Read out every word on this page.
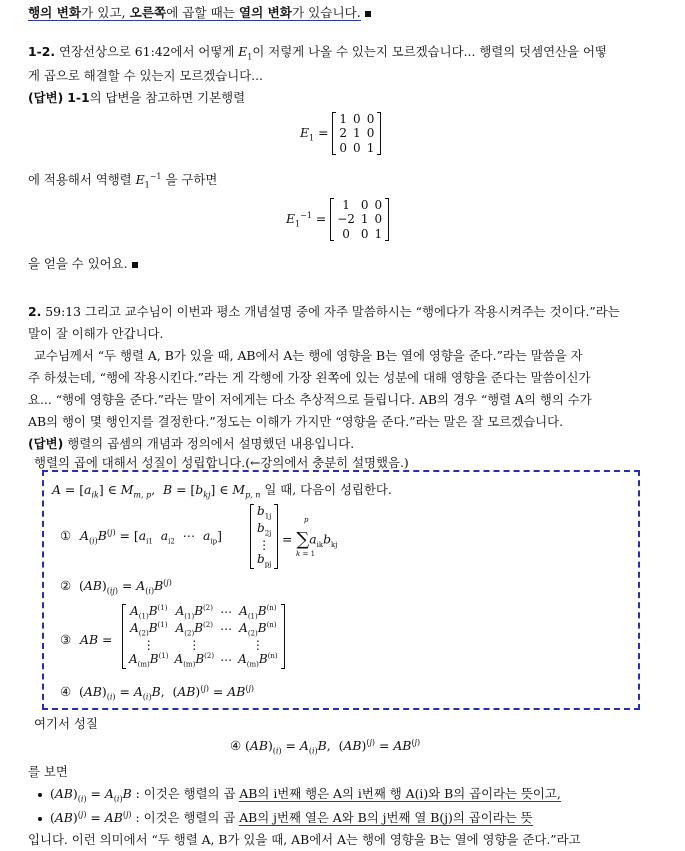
행의 변화가 있고, 오른쪽에 곱할 때는 열의 변화가 있습니다.
1-2. 연장선상으로 61:42에서 어떻게 $E_1$이 저렇게 나올 수 있는지 모르겠습니다... 행렬의 덧셈연산을 어떻
게 곱으로 해결할 수 있는지 모르겠습니다...
(답변) 1-1의 답변을 참고하면 기본행렬
$E_1$ =
1	0	0
2	1	0
0	0	1
에 적용해서 역행렬 $E_1^{-1}$ 을 구하면
$E_1^{-1}$ =
1	0	0
−2	1	0
0	0	1
을 얻을 수 있어요.
2. 59:13 그리고 교수님이 이번과 평소 개념설명 중에 자주 말씀하시는 “행에다가 작용시켜주는 것이다.”라는
말이 잘 이해가 안갑니다.
교수님께서 “두 행렬 A, B가 있을 때, AB에서 A는 행에 영향을 B는 열에 영향을 준다.”라는 말씀을 자
주 하셨는데, “행에 작용시킨다.”라는 게 각행에 가장 왼쪽에 있는 성분에 대해 영향을 준다는 말씀이신가
요... “행에 영향을 준다.”라는 말이 저에게는 다소 추상적으로 들립니다. AB의 경우 “행렬 A의 행의 수가
AB의 행이 몇 행인지를 결정한다.”정도는 이해가 가지만 “영향을 준다.”라는 말은 잘 모르겠습니다.
(답변) 행렬의 곱셈의 개념과 정의에서 설명했던 내용입니다.
행렬의 곱에 대해서 성질이 성립합니다.(←강의에서 충분히 설명했음.)
$A = [a_{ik}]$ ∈ $M_{m, p}$,  $B = [b_{kj}]$ ∈ $M_{p, n}$ 일 때, 다음이 성립한다.
① $A_{(i)}B^{(j)} = [a_{i1}$ $a_{i2}$  ⋯  $a_{ip}$]
$b_{1j}$
$b_{2j}$
⋮
$b_{pj}$
= $\sum a_{ik}b_{kj}$
k = 1
p
②  $(AB)_{(ij)} = A_{(i)}B^{(j)}$
③ AB =
$A_{(1)}B^{(1)}$	$A_{(1)}B^{(2)}$	⋯	$A_{(1)}B^{(n)}$
$A_{(2)}B^{(1)}$	$A_{(2)}B^{(2)}$	⋯	$A_{(2)}B^{(n)}$
⋮	⋮		⋮
$A_{(m)}B^{(1)}$	$A_{(m)}B^{(2)}$	⋯	$A_{(m)}B^{(n)}$
④  $(AB)_{(i)} = A_{(i)}B$,  $(AB)^{(j)} = AB^{(j)}$
여기서 성질
④ $(AB)_{(i)} = A_{(i)}B$,  $(AB)^{(j)} = AB^{(j)}$
를 보면
$(AB)_{(i)} = A_{(i)}B$ : 이것은 행렬의 곱 AB의 i번째 행은 A의 i번째 행 A(i)와 B의 곱이라는 뜻이고,
$(AB)^{(j)} = AB^{(j)}$ : 이것은 행렬의 곱 AB의 j번째 열은 A와 B의 j번째 열 B(j)의 곱이라는 뜻
입니다. 이런 의미에서 “두 행렬 A, B가 있을 때, AB에서 A는 행에 영향을 B는 열에 영향을 준다.”라고
